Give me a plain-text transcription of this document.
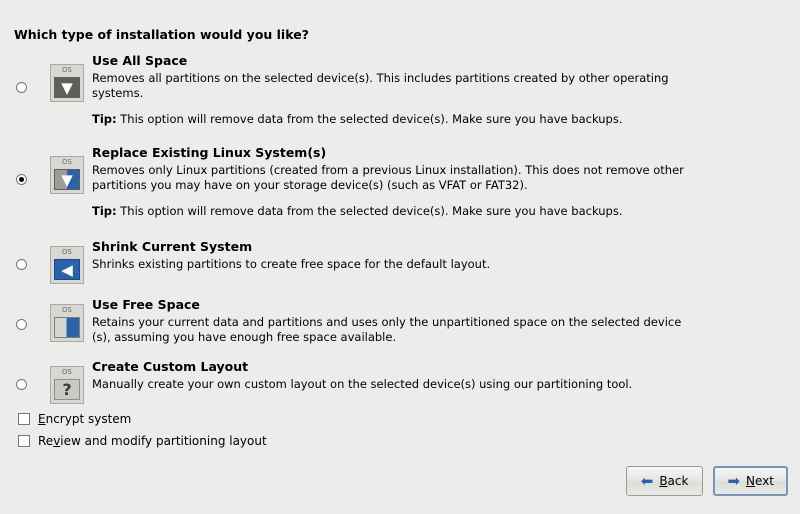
Which type of installation would you like?
OS
▼
Use All Space
Removes all partitions on the selected device(s). This includes partitions created by other operating systems.
Tip: This option will remove data from the selected device(s). Make sure you have backups.
OS
▼
Replace Existing Linux System(s)
Removes only Linux partitions (created from a previous Linux installation). This does not remove other partitions you may have on your storage device(s) (such as VFAT or FAT32).
Tip: This option will remove data from the selected device(s). Make sure you have backups.
OS
◀
Shrink Current System
Shrinks existing partitions to create free space for the default layout.
OS	Use Free Space
Retains your current data and partitions and uses only the unpartitioned space on the selected device (s), assuming you have enough free space available.
OS
?
Create Custom Layout
Manually create your own custom layout on the selected device(s) using our partitioning tool.
Encrypt system
Review and modify partitioning layout
⬅ Back	➡ Next
